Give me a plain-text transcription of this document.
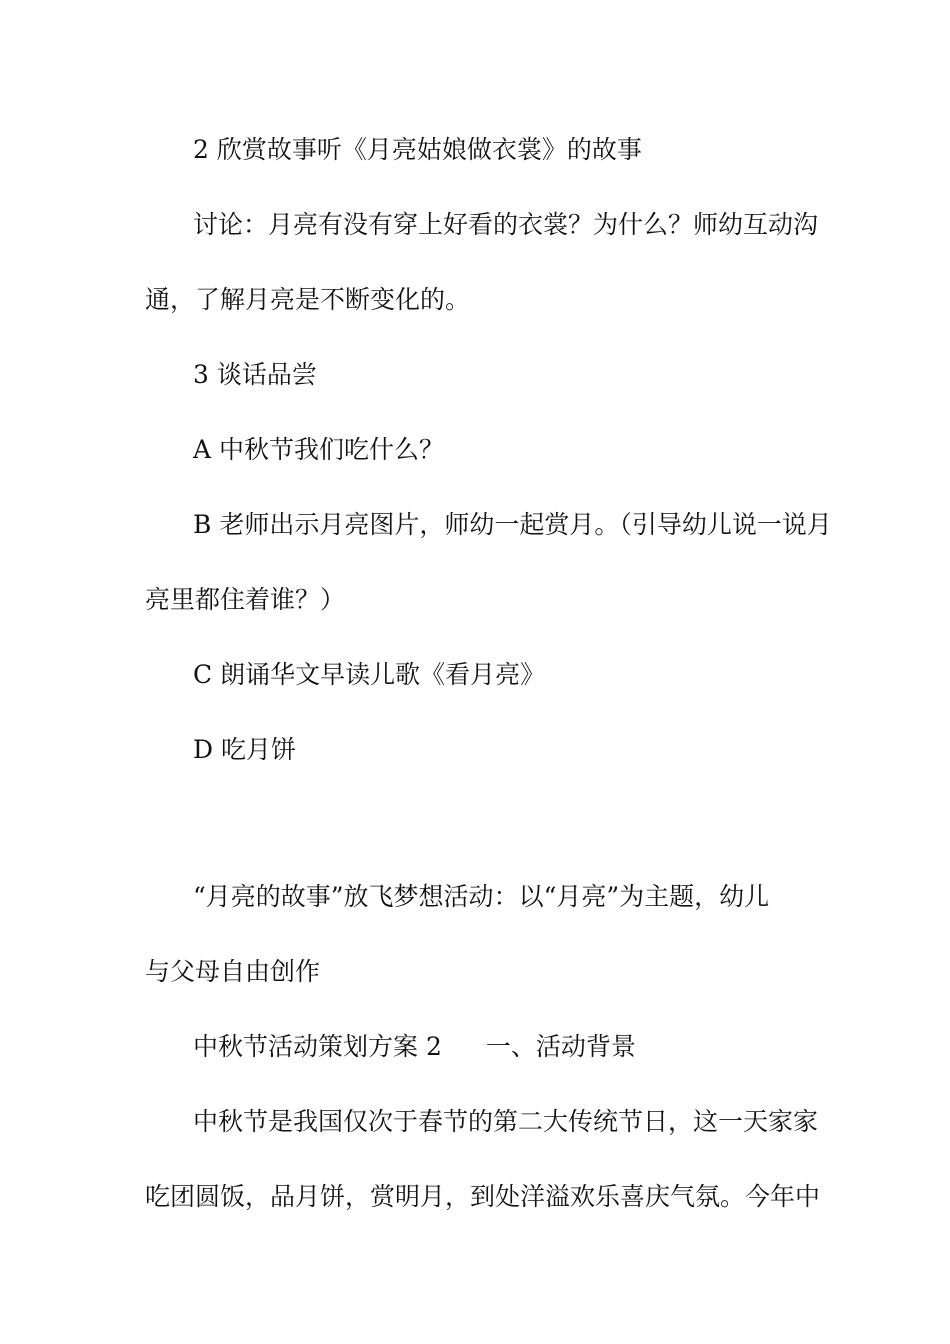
2 欣赏故事听《月亮姑娘做衣裳》的故事
讨论：月亮有没有穿上好看的衣裳？为什么？师幼互动沟
通，了解月亮是不断变化的。
3 谈话品尝
A 中秋节我们吃什么？
B 老师出示月亮图片，师幼一起赏月。（引导幼儿说一说月
亮里都住着谁？）
C 朗诵华文早读儿歌《看月亮》
D 吃月饼
“月亮的故事”放飞梦想活动：以“月亮”为主题，幼儿
与父母自由创作
中秋节活动策划方案 2 一、活动背景
中秋节是我国仅次于春节的第二大传统节日，这一天家家
吃团圆饭，品月饼，赏明月，到处洋溢欢乐喜庆气氛。今年中
